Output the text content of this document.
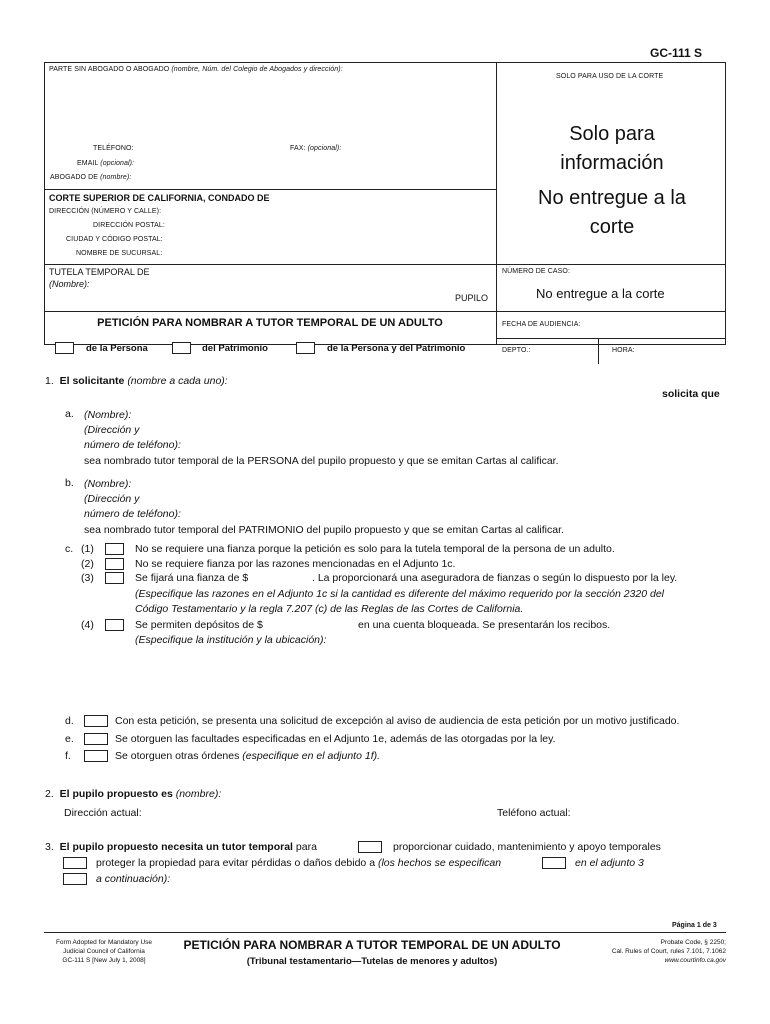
GC-111 S
PARTE SIN ABOGADO O ABOGADO (nombre, Núm. del Colegio de Abogados y dirección):
SOLO PARA USO DE LA CORTE
TELÉFONO:	FAX: (opcional):
EMAIL (opcional):
ABOGADO DE (nombre):
CORTE SUPERIOR DE CALIFORNIA, CONDADO DE
DIRECCIÓN (NÚMERO Y CALLE):
DIRECCIÓN POSTAL:
CIUDAD Y CÓDIGO POSTAL:
NOMBRE DE SUCURSAL:
Solo para
información
No entregue a la
corte
TUTELA TEMPORAL DE
(Nombre):
PUPILO
NÚMERO DE CASO:
No entregue a la corte
PETICIÓN PARA NOMBRAR A TUTOR TEMPORAL DE UN ADULTO
de la Persona	del Patrimonio	de la Persona y del Patrimonio
FECHA DE AUDIENCIA:
DEPTO.:	HORA:
1. El solicitante (nombre a cada uno):
solicita que
a. (Nombre):
(Dirección y
número de teléfono):
sea nombrado tutor temporal de la PERSONA del pupilo propuesto y que se emitan Cartas al calificar.
b. (Nombre):
(Dirección y
número de teléfono):
sea nombrado tutor temporal del PATRIMONIO del pupilo propuesto y que se emitan Cartas al calificar.
c. (1)	No se requiere una fianza porque la petición es solo para la tutela temporal de la persona de un adulto.
(2)	No se requiere fianza por las razones mencionadas en el Adjunto 1c.
(3)	Se fijará una fianza de $	. La proporcionará una aseguradora de fianzas o según lo dispuesto por la ley.
(Especifique las razones en el Adjunto 1c si la cantidad es diferente del máximo requerido por la sección 2320 del
Código Testamentario y la regla 7.207 (c) de las Reglas de las Cortes de California.
(4)	Se permiten depósitos de $	en una cuenta bloqueada. Se presentarán los recibos.
(Especifique la institución y la ubicación):
d.	Con esta petición, se presenta una solicitud de excepción al aviso de audiencia de esta petición por un motivo justificado.
e.	Se otorguen las facultades especificadas en el Adjunto 1e, además de las otorgadas por la ley.
f.	Se otorguen otras órdenes (especifique en el adjunto 1f).
2. El pupilo propuesto es (nombre):
Dirección actual:	Teléfono actual:
3. El pupilo propuesto necesita un tutor temporal para	proporcionar cuidado, mantenimiento y apoyo temporales
proteger la propiedad para evitar pérdidas o daños debido a (los hechos se especifican	en el adjunto 3
a continuación):
Página 1 de 3
Form Adopted for Mandatory Use
Judicial Council of California
GC-111 S [New July 1, 2008]
PETICIÓN PARA NOMBRAR A TUTOR TEMPORAL DE UN ADULTO
(Tribunal testamentario—Tutelas de menores y adultos)
Probate Code, § 2250;
Cal. Rules of Court, rules 7.101, 7.1062
www.courtinfo.ca.gov
